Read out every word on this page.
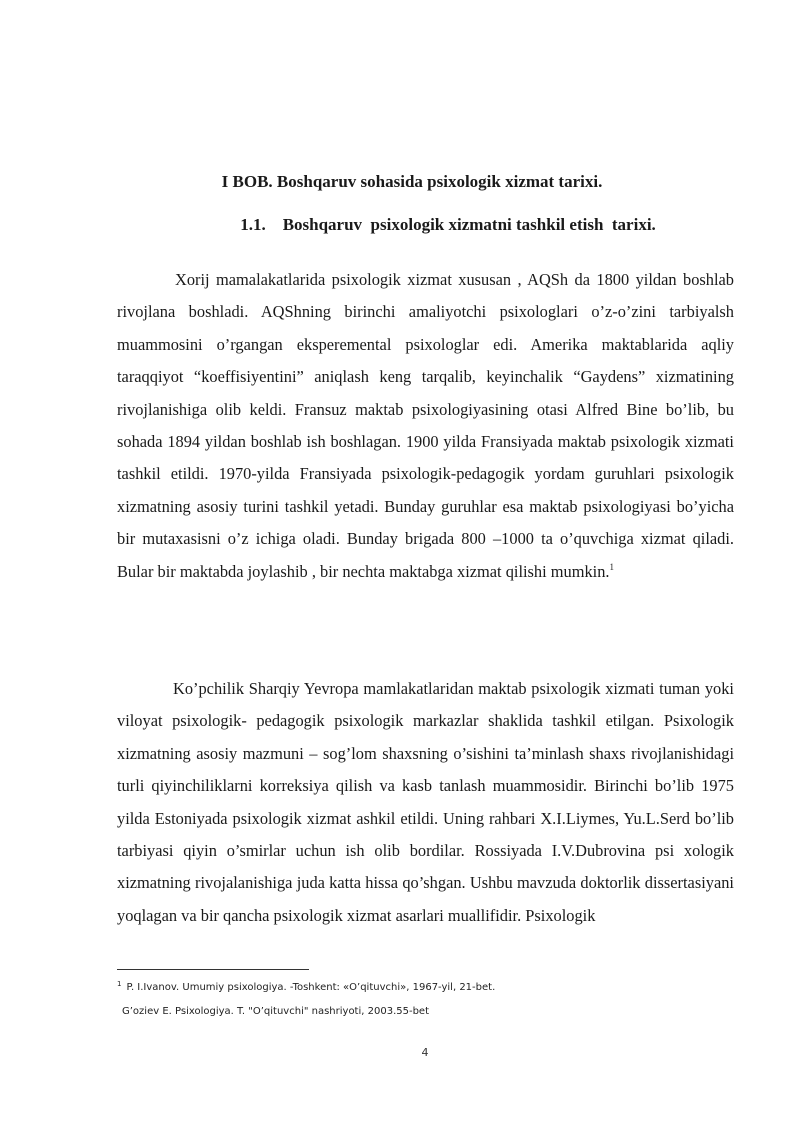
I BOB. Boshqaruv sohasida psixologik xizmat tarixi.
1.1.    Boshqaruv  psixologik xizmatni tashkil etish  tarixi.

Xorij mamalakatlarida psixologik xizmat xususan , AQSh da 1800 yildan boshlab rivojlana boshladi. AQShning birinchi amaliyotchi psixologlari o’z-o’zini tarbiyalsh muammosini o’rgangan eksperemental psixologlar edi. Amerika maktablarida aqliy taraqqiyot “koeffisiyentini” aniqlash keng tarqalib, keyinchalik “Gaydens” xizmatining rivojlanishiga olib keldi. Fransuz maktab psixologiyasining otasi Alfred Bine bo’lib, bu sohada 1894 yildan boshlab ish boshlagan. 1900 yilda Fransiyada maktab psixologik xizmati tashkil etildi. 1970-yilda Fransiyada psixologik-pedagogik yordam guruhlari psixologik xizmatning asosiy turini tashkil yetadi. Bunday guruhlar esa maktab psixologiyasi bo’yicha bir mutaxasisni o’z ichiga oladi. Bunday brigada 800 –1000 ta o’quvchiga xizmat qiladi. Bular bir maktabda joylashib , bir nechta maktabga xizmat qilishi mumkin.$^1$

Ko’pchilik Sharqiy Yevropa mamlakatlaridan maktab psixologik xizmati tuman yoki viloyat psixologik- pedagogik psixologik markazlar shaklida tashkil etilgan. Psixologik xizmatning asosiy mazmuni – sog’lom shaxsning o’sishini ta’minlash shaxs rivojlanishidagi turli qiyinchiliklarni korreksiya qilish va kasb tanlash muammosidir. Birinchi bo’lib 1975 yilda Estoniyada psixologik xizmat ashkil etildi. Uning rahbari X.I.Liymes, Yu.L.Serd bo’lib tarbiyasi qiyin o’smirlar uchun ish olib bordilar. Rossiyada I.V.Dubrovina psi xologik xizmatning rivojalanishiga juda katta hissa qo’shgan. Ushbu mavzuda doktorlik dissertasiyani yoqlagan va bir qancha psixologik xizmat asarlari muallifidir. Psixologik

$^1$ P. I.Ivanov. Umumiy psixologiya. -Toshkent: «O’qituvchi», 1967-yil, 21-bet.
G’oziev E. Psixologiya. T. "O’qituvchi" nashriyoti, 2003.55-bet
4
